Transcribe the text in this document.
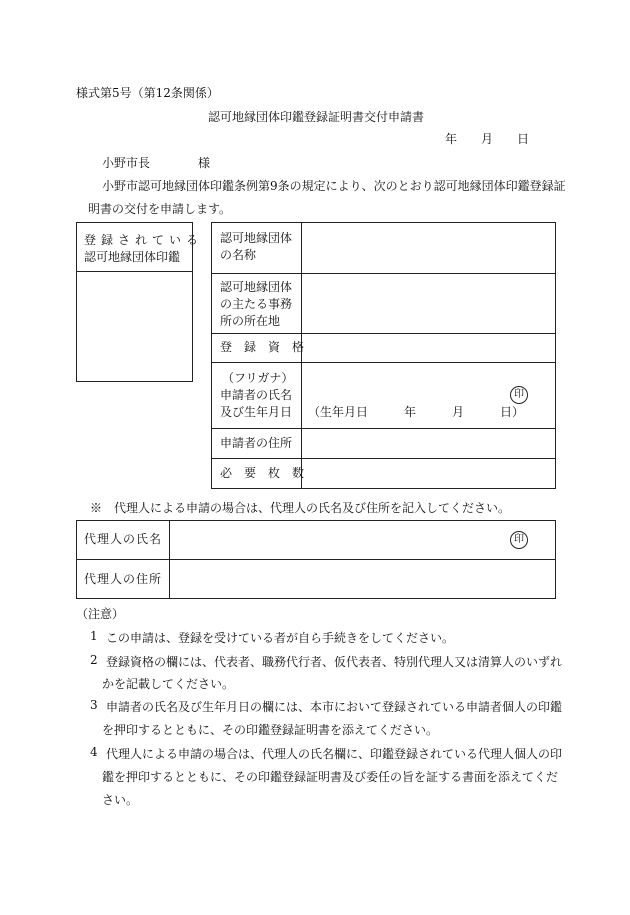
様式第5号（第12条関係）
認可地縁団体印鑑登録証明書交付申請書
年　　月　　日
小野市長　　　　様
小野市認可地縁団体印鑑条例第9条の規定により、次のとおり認可地縁団体印鑑登録証
明書の交付を申請します。
登録されている
認可地縁団体印鑑
認可地縁団体
の名称
認可地縁団体
の主たる事務
所の所在地
登　録　資　格
（フリガナ）
申請者の氏名
及び生年月日 （生年月日　　　年　　　月　　　日）
印
申請者の住所
必　要　枚　数
※　代理人による申請の場合は、代理人の氏名及び住所を記入してください。
代理人の氏名
代理人の住所
印
（注意）
1 この申請は、登録を受けている者が自ら手続きをしてください。
2 登録資格の欄には、代表者、職務代行者、仮代表者、特別代理人又は清算人のいずれ
かを記載してください。
3 申請者の氏名及び生年月日の欄には、本市において登録されている申請者個人の印鑑
を押印するとともに、その印鑑登録証明書を添えてください。
4 代理人による申請の場合は、代理人の氏名欄に、印鑑登録されている代理人個人の印
鑑を押印するとともに、その印鑑登録証明書及び委任の旨を証する書面を添えてくだ
さい。
